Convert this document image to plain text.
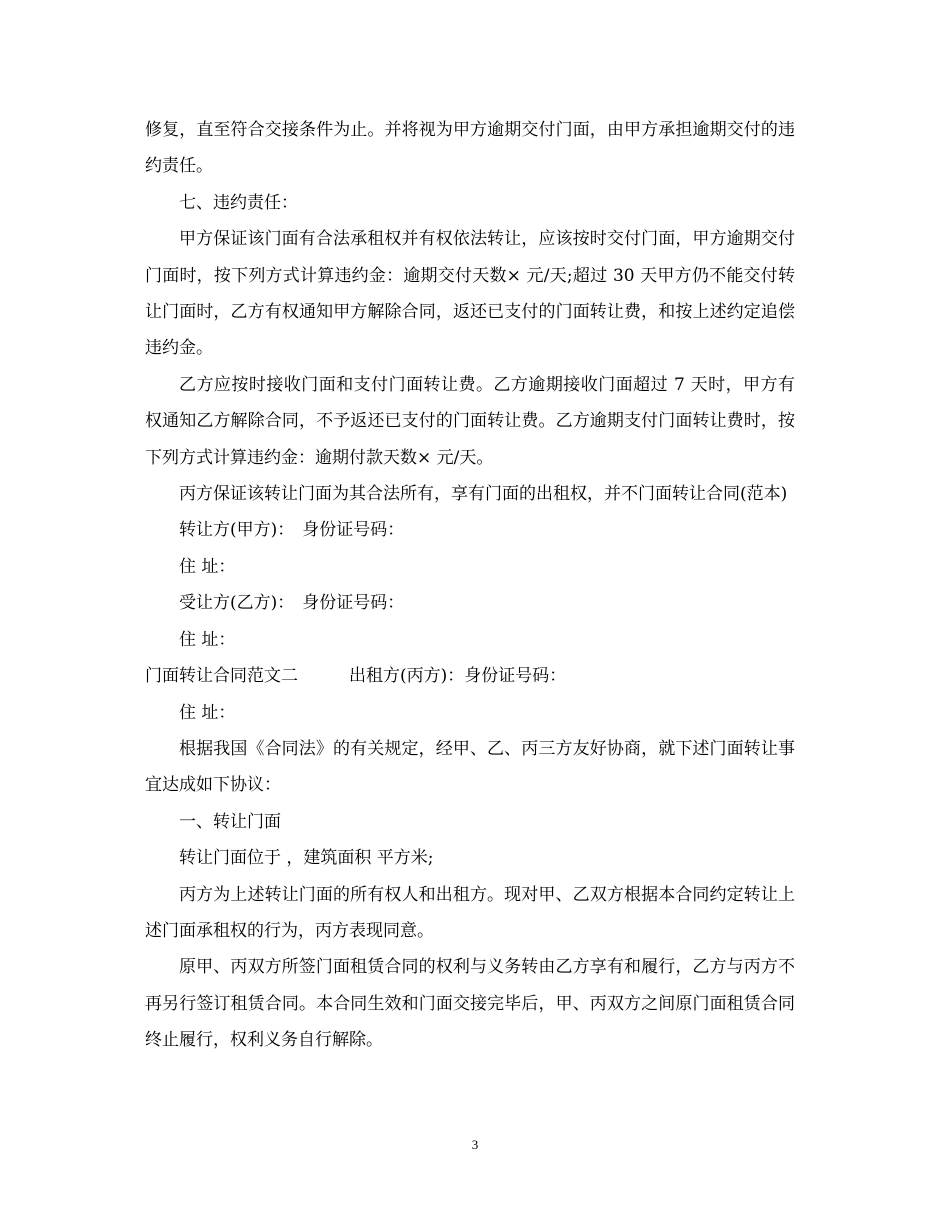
修复，直至符合交接条件为止。并将视为甲方逾期交付门面，由甲方承担逾期交付的违约责任。

七、违约责任：

甲方保证该门面有合法承租权并有权依法转让，应该按时交付门面，甲方逾期交付门面时，按下列方式计算违约金：逾期交付天数× 元/天;超过 30 天甲方仍不能交付转让门面时，乙方有权通知甲方解除合同，返还已支付的门面转让费，和按上述约定追偿违约金。

乙方应按时接收门面和支付门面转让费。乙方逾期接收门面超过 7 天时，甲方有权通知乙方解除合同，不予返还已支付的门面转让费。乙方逾期支付门面转让费时，按下列方式计算违约金：逾期付款天数× 元/天。

丙方保证该转让门面为其合法所有，享有门面的出租权，并不门面转让合同(范本)

转让方(甲方)： 身份证号码：

住 址：

受让方(乙方)： 身份证号码：

住 址：

门面转让合同范文二	出租方(丙方)：身份证号码：

住 址：

根据我国《合同法》的有关规定，经甲、乙、丙三方友好协商，就下述门面转让事宜达成如下协议：

一、转让门面

转让门面位于 ，建筑面积 平方米;

丙方为上述转让门面的所有权人和出租方。现对甲、乙双方根据本合同约定转让上述门面承租权的行为，丙方表现同意。

原甲、丙双方所签门面租赁合同的权利与义务转由乙方享有和履行，乙方与丙方不再另行签订租赁合同。本合同生效和门面交接完毕后，甲、丙双方之间原门面租赁合同终止履行，权利义务自行解除。

3
